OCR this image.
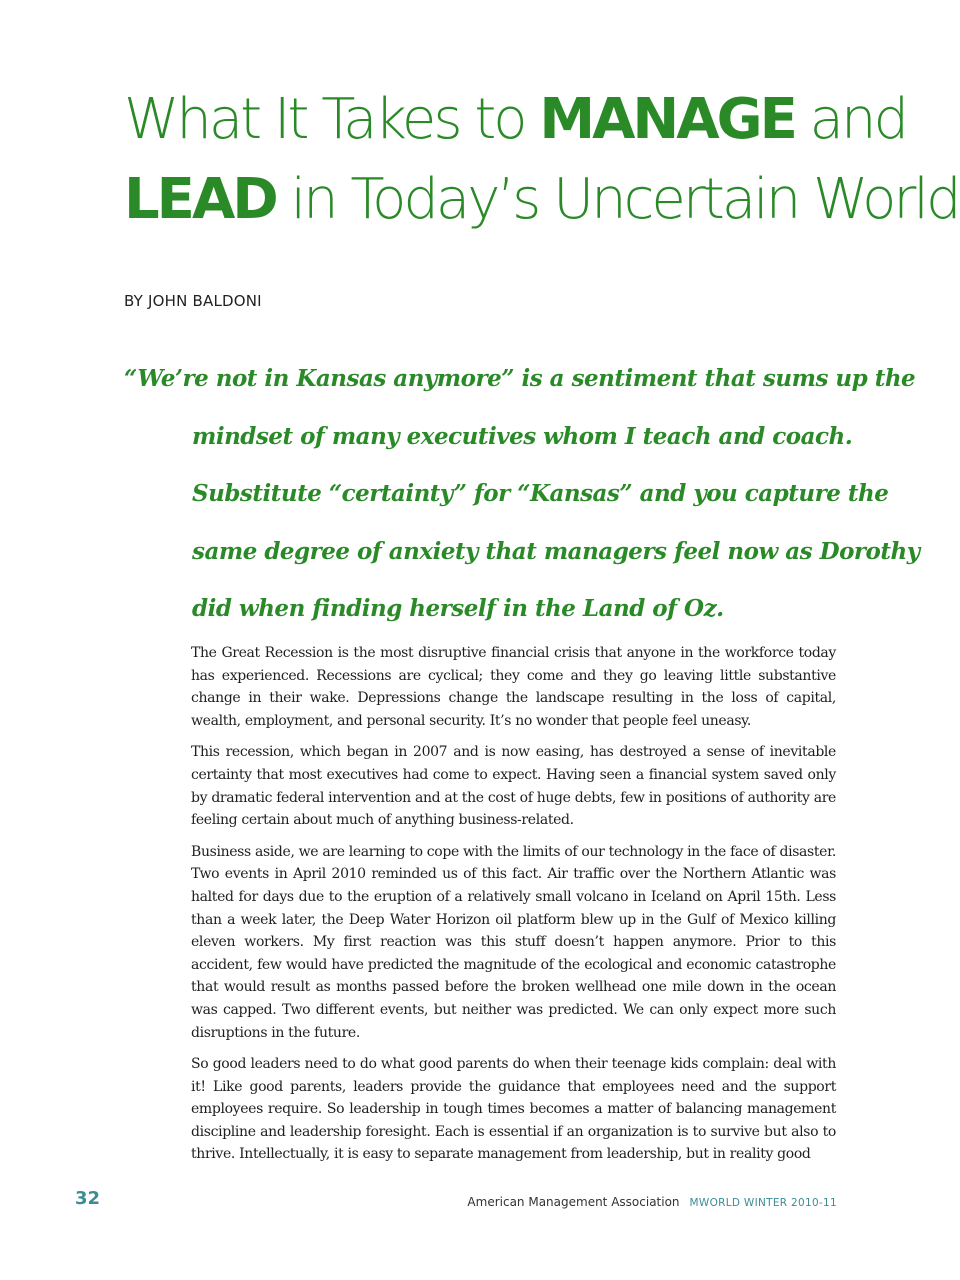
What It Takes to MANAGE and
LEAD in Today’s Uncertain World
BY JOHN BALDONI
“We’re not in Kansas anymore” is a sentiment that sums up the
mindset of many executives whom I teach and coach.
Substitute “certainty” for “Kansas” and you capture the
same degree of anxiety that managers feel now as Dorothy
did when finding herself in the Land of Oz.

The Great Recession is the most disruptive financial crisis that anyone in the workforce today has experienced. Recessions are cyclical; they come and they go leaving little substantive change in their wake. Depressions change the landscape resulting in the loss of capital, wealth, employment, and personal security. It’s no wonder that people feel uneasy.

This recession, which began in 2007 and is now easing, has destroyed a sense of inevitable certainty that most executives had come to expect. Having seen a financial system saved only by dramatic federal intervention and at the cost of huge debts, few in positions of authority are feeling certain about much of anything business-related.

Business aside, we are learning to cope with the limits of our technology in the face of disaster. Two events in April 2010 reminded us of this fact. Air traffic over the Northern Atlantic was halted for days due to the eruption of a relatively small volcano in Iceland on April 15th. Less than a week later, the Deep Water Horizon oil platform blew up in the Gulf of Mexico killing eleven workers. My first reaction was this stuff doesn’t happen anymore. Prior to this accident, few would have predicted the magnitude of the ecological and economic catastrophe that would result as months passed before the broken wellhead one mile down in the ocean was capped. Two different events, but neither was predicted. We can only expect more such disruptions in the future.

So good leaders need to do what good parents do when their teenage kids complain: deal with it! Like good parents, leaders provide the guidance that employees need and the support employees require. So leadership in tough times becomes a matter of balancing management discipline and leadership foresight. Each is essential if an organization is to survive but also to thrive. Intellectually, it is easy to separate management from leadership, but in reality good

32	American Management Association MWORLD WINTER 2010-11
